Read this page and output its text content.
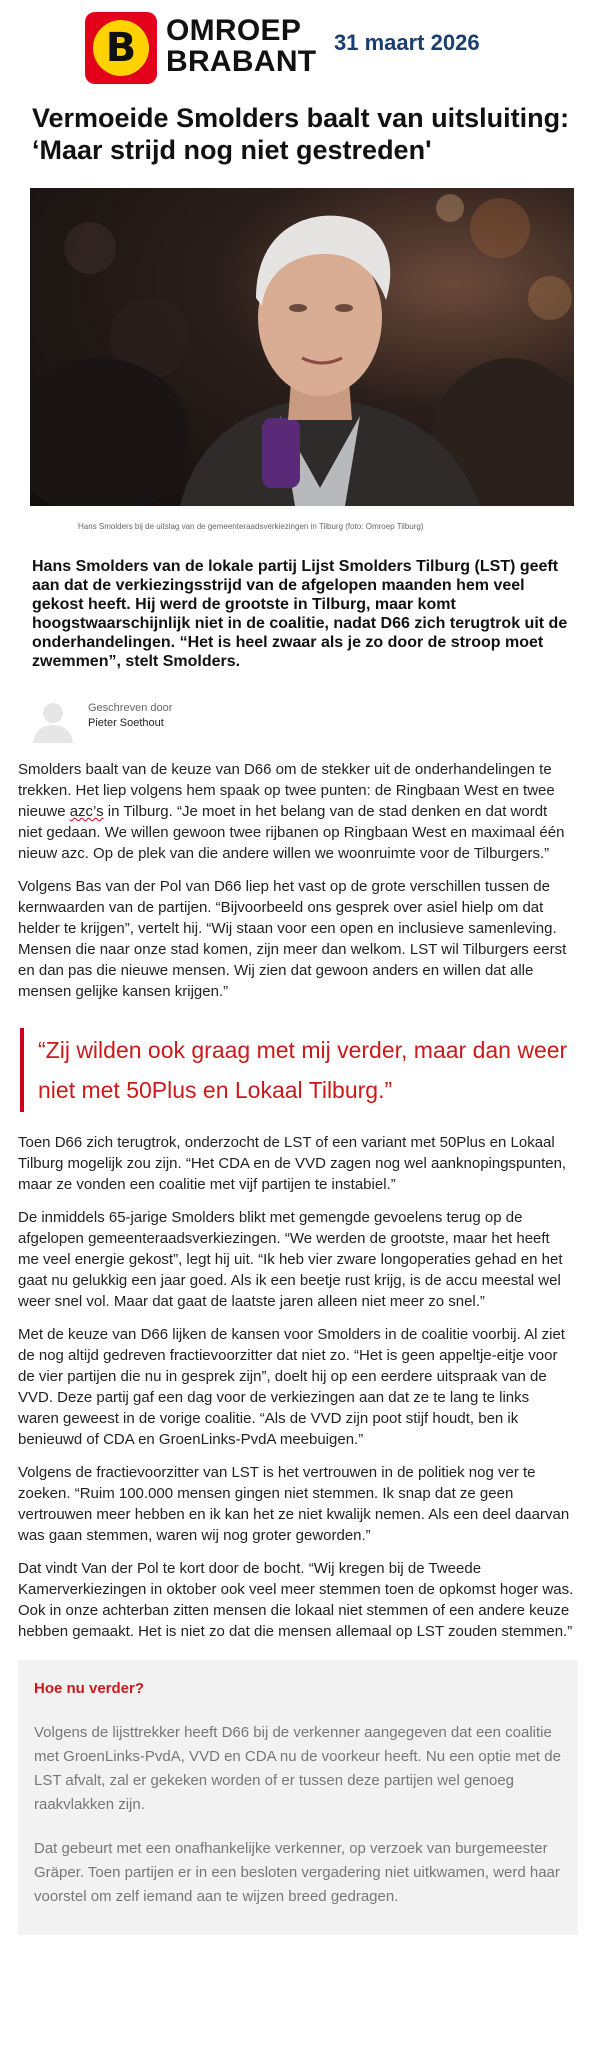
B OMROEP
BRABANT
31 maart 2026
Vermoeide Smolders baalt van uitsluiting:
‘Maar strijd nog niet gestreden'
Hans Smolders bij de uitslag van de gemeenteraadsverkiezingen in Tilburg (foto: Omroep Tilburg)

Hans Smolders van de lokale partij Lijst Smolders Tilburg (LST) geeft aan dat de verkiezingsstrijd van de afgelopen maanden hem veel gekost heeft. Hij werd de grootste in Tilburg, maar komt hoogstwaarschijnlijk niet in de coalitie, nadat D66 zich terugtrok uit de onderhandelingen. “Het is heel zwaar als je zo door de stroop moet zwemmen”, stelt Smolders.

Geschreven door
Pieter Soethout

Smolders baalt van de keuze van D66 om de stekker uit de onderhandelingen te trekken. Het liep volgens hem spaak op twee punten: de Ringbaan West en twee nieuwe azc’s in Tilburg. “Je moet in het belang van de stad denken en dat wordt niet gedaan. We willen gewoon twee rijbanen op Ringbaan West en maximaal één nieuw azc. Op de plek van die andere willen we woonruimte voor de Tilburgers.”

Volgens Bas van der Pol van D66 liep het vast op de grote verschillen tussen de kernwaarden van de partijen. “Bijvoorbeeld ons gesprek over asiel hielp om dat helder te krijgen”, vertelt hij. “Wij staan voor een open en inclusieve samenleving. Mensen die naar onze stad komen, zijn meer dan welkom. LST wil Tilburgers eerst en dan pas die nieuwe mensen. Wij zien dat gewoon anders en willen dat alle mensen gelijke kansen krijgen.”

“Zij wilden ook graag met mij verder, maar dan weer niet met 50Plus en Lokaal Tilburg.”

Toen D66 zich terugtrok, onderzocht de LST of een variant met 50Plus en Lokaal Tilburg mogelijk zou zijn. “Het CDA en de VVD zagen nog wel aanknopingspunten, maar ze vonden een coalitie met vijf partijen te instabiel.”

De inmiddels 65-jarige Smolders blikt met gemengde gevoelens terug op de afgelopen gemeenteraadsverkiezingen. “We werden de grootste, maar het heeft me veel energie gekost”, legt hij uit. “Ik heb vier zware longoperaties gehad en het gaat nu gelukkig een jaar goed. Als ik een beetje rust krijg, is de accu meestal wel weer snel vol. Maar dat gaat de laatste jaren alleen niet meer zo snel.”

Met de keuze van D66 lijken de kansen voor Smolders in de coalitie voorbij. Al ziet de nog altijd gedreven fractievoorzitter dat niet zo. “Het is geen appeltje-eitje voor de vier partijen die nu in gesprek zijn”, doelt hij op een eerdere uitspraak van de VVD. Deze partij gaf een dag voor de verkiezingen aan dat ze te lang te links waren geweest in de vorige coalitie. “Als de VVD zijn poot stijf houdt, ben ik benieuwd of CDA en GroenLinks-PvdA meebuigen.”

Volgens de fractievoorzitter van LST is het vertrouwen in de politiek nog ver te zoeken. “Ruim 100.000 mensen gingen niet stemmen. Ik snap dat ze geen vertrouwen meer hebben en ik kan het ze niet kwalijk nemen. Als een deel daarvan was gaan stemmen, waren wij nog groter geworden.”

Dat vindt Van der Pol te kort door de bocht. “Wij kregen bij de Tweede Kamerverkiezingen in oktober ook veel meer stemmen toen de opkomst hoger was. Ook in onze achterban zitten mensen die lokaal niet stemmen of een andere keuze hebben gemaakt. Het is niet zo dat die mensen allemaal op LST zouden stemmen.”

Hoe nu verder?

Volgens de lijsttrekker heeft D66 bij de verkenner aangegeven dat een coalitie met GroenLinks-PvdA, VVD en CDA nu de voorkeur heeft. Nu een optie met de LST afvalt, zal er gekeken worden of er tussen deze partijen wel genoeg raakvlakken zijn.

Dat gebeurt met een onafhankelijke verkenner, op verzoek van burgemeester Gräper. Toen partijen er in een besloten vergadering niet uitkwamen, werd haar voorstel om zelf iemand aan te wijzen breed gedragen.
